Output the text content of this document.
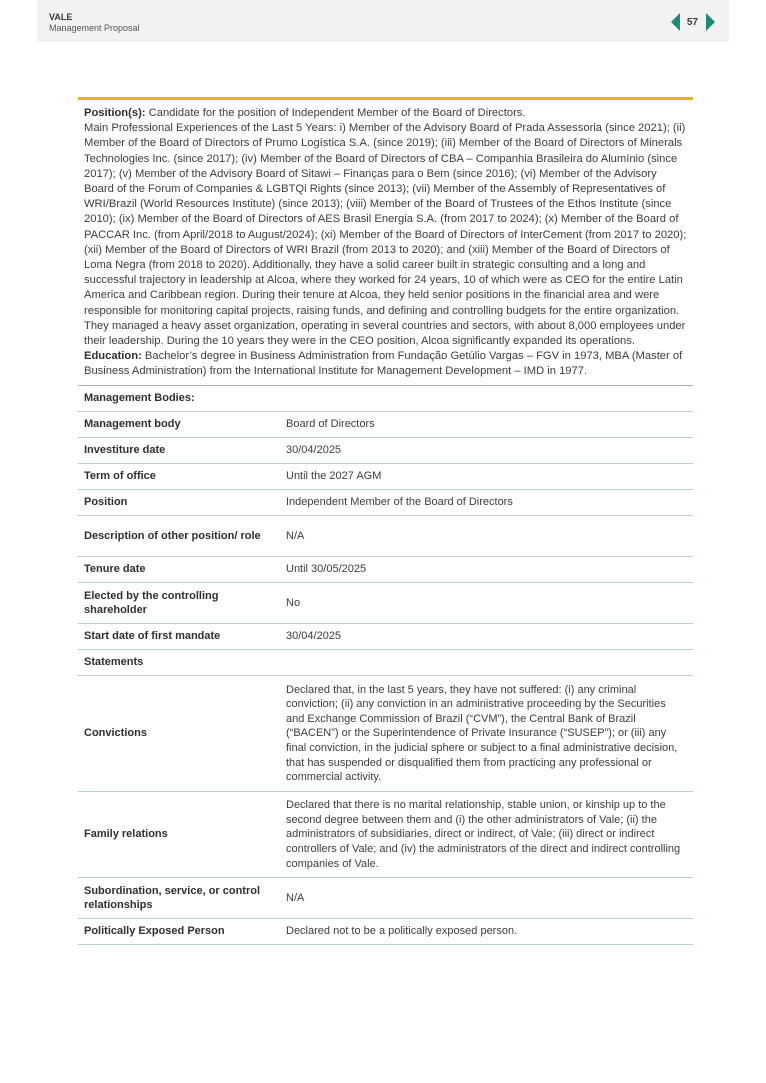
VALE
Management Proposal
57
Position(s): Candidate for the position of Independent Member of the Board of Directors.
Main Professional Experiences of the Last 5 Years: i) Member of the Advisory Board of Prada Assessoria (since 2021); (ii) Member of the Board of Directors of Prumo Logística S.A. (since 2019); (iii) Member of the Board of Directors of Minerals Technologies Inc. (since 2017); (iv) Member of the Board of Directors of CBA – Companhia Brasileira do Alumínio (since 2017); (v) Member of the Advisory Board of Sitawi – Finanças para o Bem (since 2016); (vi) Member of the Advisory Board of the Forum of Companies & LGBTQi Rights (since 2013); (vii) Member of the Assembly of Representatives of WRI/Brazil (World Resources Institute) (since 2013); (viii) Member of the Board of Trustees of the Ethos Institute (since 2010); (ix) Member of the Board of Directors of AES Brasil Energia S.A. (from 2017 to 2024); (x) Member of the Board of PACCAR Inc. (from April/2018 to August/2024); (xi) Member of the Board of Directors of InterCement (from 2017 to 2020); (xii) Member of the Board of Directors of WRI Brazil (from 2013 to 2020); and (xiii) Member of the Board of Directors of Loma Negra (from 2018 to 2020). Additionally, they have a solid career built in strategic consulting and a long and successful trajectory in leadership at Alcoa, where they worked for 24 years, 10 of which were as CEO for the entire Latin America and Caribbean region. During their tenure at Alcoa, they held senior positions in the financial area and were responsible for monitoring capital projects, raising funds, and defining and controlling budgets for the entire organization. They managed a heavy asset organization, operating in several countries and sectors, with about 8,000 employees under their leadership. During the 10 years they were in the CEO position, Alcoa significantly expanded its operations.
Education: Bachelor’s degree in Business Administration from Fundação Getúlio Vargas – FGV in 1973, MBA (Master of Business Administration) from the International Institute for Management Development – IMD in 1977.
Management Bodies:	
Management body	Board of Directors
Investiture date	30/04/2025
Term of office	Until the 2027 AGM
Position	Independent Member of the Board of Directors
Description of other position/ role	N/A
Tenure date	Until 30/05/2025
Elected by the controlling shareholder	No
Start date of first mandate	30/04/2025
Statements	
Convictions	Declared that, in the last 5 years, they have not suffered: (i) any criminal conviction; (ii) any conviction in an administrative proceeding by the Securities and Exchange Commission of Brazil (“CVM”), the Central Bank of Brazil (“BACEN”) or the Superintendence of Private Insurance (“SUSEP”); or (iii) any final conviction, in the judicial sphere or subject to a final administrative decision, that has suspended or disqualified them from practicing any professional or commercial activity.
Family relations	Declared that there is no marital relationship, stable union, or kinship up to the second degree between them and (i) the other administrators of Vale; (ii) the administrators of subsidiaries, direct or indirect, of Vale; (iii) direct or indirect controllers of Vale; and (iv) the administrators of the direct and indirect controlling companies of Vale.
Subordination, service, or control relationships	N/A
Politically Exposed Person	Declared not to be a politically exposed person.
